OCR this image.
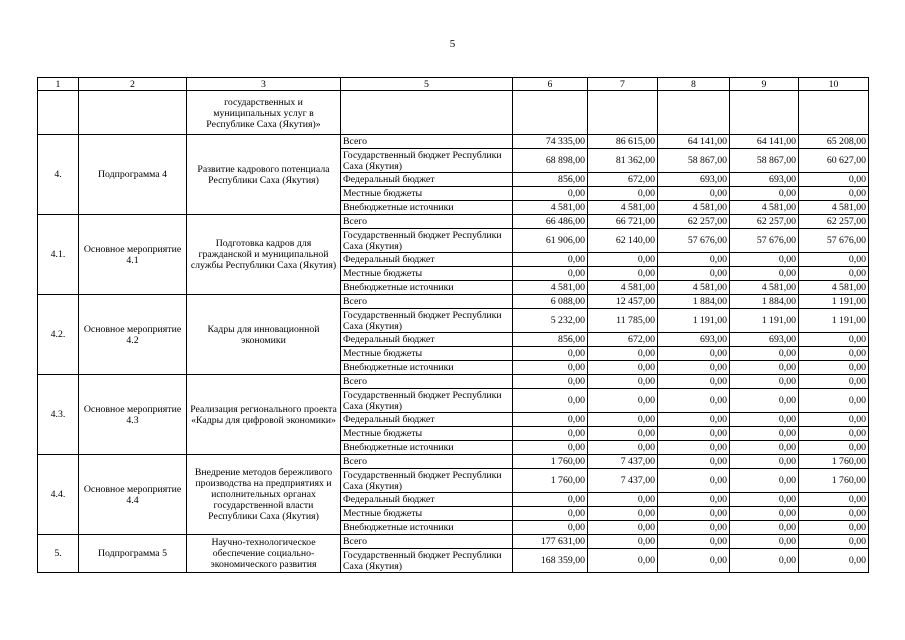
5
1	2	3	5	6	7	8	9	10
		государственных и муниципальных услуг в Республике Саха (Якутия)»						
4.	Подпрограмма 4	Развитие кадрового потенциала Республики Саха (Якутия)	Всего	74 335,00	86 615,00	64 141,00	64 141,00	65 208,00
			Государственный бюджет Республики Саха (Якутия)	68 898,00	81 362,00	58 867,00	58 867,00	60 627,00
			Федеральный бюджет	856,00	672,00	693,00	693,00	0,00
			Местные бюджеты	0,00	0,00	0,00	0,00	0,00
			Внебюджетные источники	4 581,00	4 581,00	4 581,00	4 581,00	4 581,00
4.1.	Основное мероприятие 4.1	Подготовка кадров для гражданской и муниципальной службы Республики Саха (Якутия)	Всего	66 486,00	66 721,00	62 257,00	62 257,00	62 257,00
			Государственный бюджет Республики Саха (Якутия)	61 906,00	62 140,00	57 676,00	57 676,00	57 676,00
			Федеральный бюджет	0,00	0,00	0,00	0,00	0,00
			Местные бюджеты	0,00	0,00	0,00	0,00	0,00
			Внебюджетные источники	4 581,00	4 581,00	4 581,00	4 581,00	4 581,00
4.2.	Основное мероприятие 4.2	Кадры для инновационной экономики	Всего	6 088,00	12 457,00	1 884,00	1 884,00	1 191,00
			Государственный бюджет Республики Саха (Якутия)	5 232,00	11 785,00	1 191,00	1 191,00	1 191,00
			Федеральный бюджет	856,00	672,00	693,00	693,00	0,00
			Местные бюджеты	0,00	0,00	0,00	0,00	0,00
			Внебюджетные источники	0,00	0,00	0,00	0,00	0,00
4.3.	Основное мероприятие 4.3	Реализация регионального проекта «Кадры для цифровой экономики»	Всего	0,00	0,00	0,00	0,00	0,00
			Государственный бюджет Республики Саха (Якутия)	0,00	0,00	0,00	0,00	0,00
			Федеральный бюджет	0,00	0,00	0,00	0,00	0,00
			Местные бюджеты	0,00	0,00	0,00	0,00	0,00
			Внебюджетные источники	0,00	0,00	0,00	0,00	0,00
4.4.	Основное мероприятие 4.4	Внедрение методов бережливого производства на предприятиях и исполнительных органах государственной власти Республики Саха (Якутия)	Всего	1 760,00	7 437,00	0,00	0,00	1 760,00
			Государственный бюджет Республики Саха (Якутия)	1 760,00	7 437,00	0,00	0,00	1 760,00
			Федеральный бюджет	0,00	0,00	0,00	0,00	0,00
			Местные бюджеты	0,00	0,00	0,00	0,00	0,00
			Внебюджетные источники	0,00	0,00	0,00	0,00	0,00
5.	Подпрограмма 5	Научно-технологическое обеспечение социально-экономического развития	Всего	177 631,00	0,00	0,00	0,00	0,00
			Государственный бюджет Республики Саха (Якутия)	168 359,00	0,00	0,00	0,00	0,00
